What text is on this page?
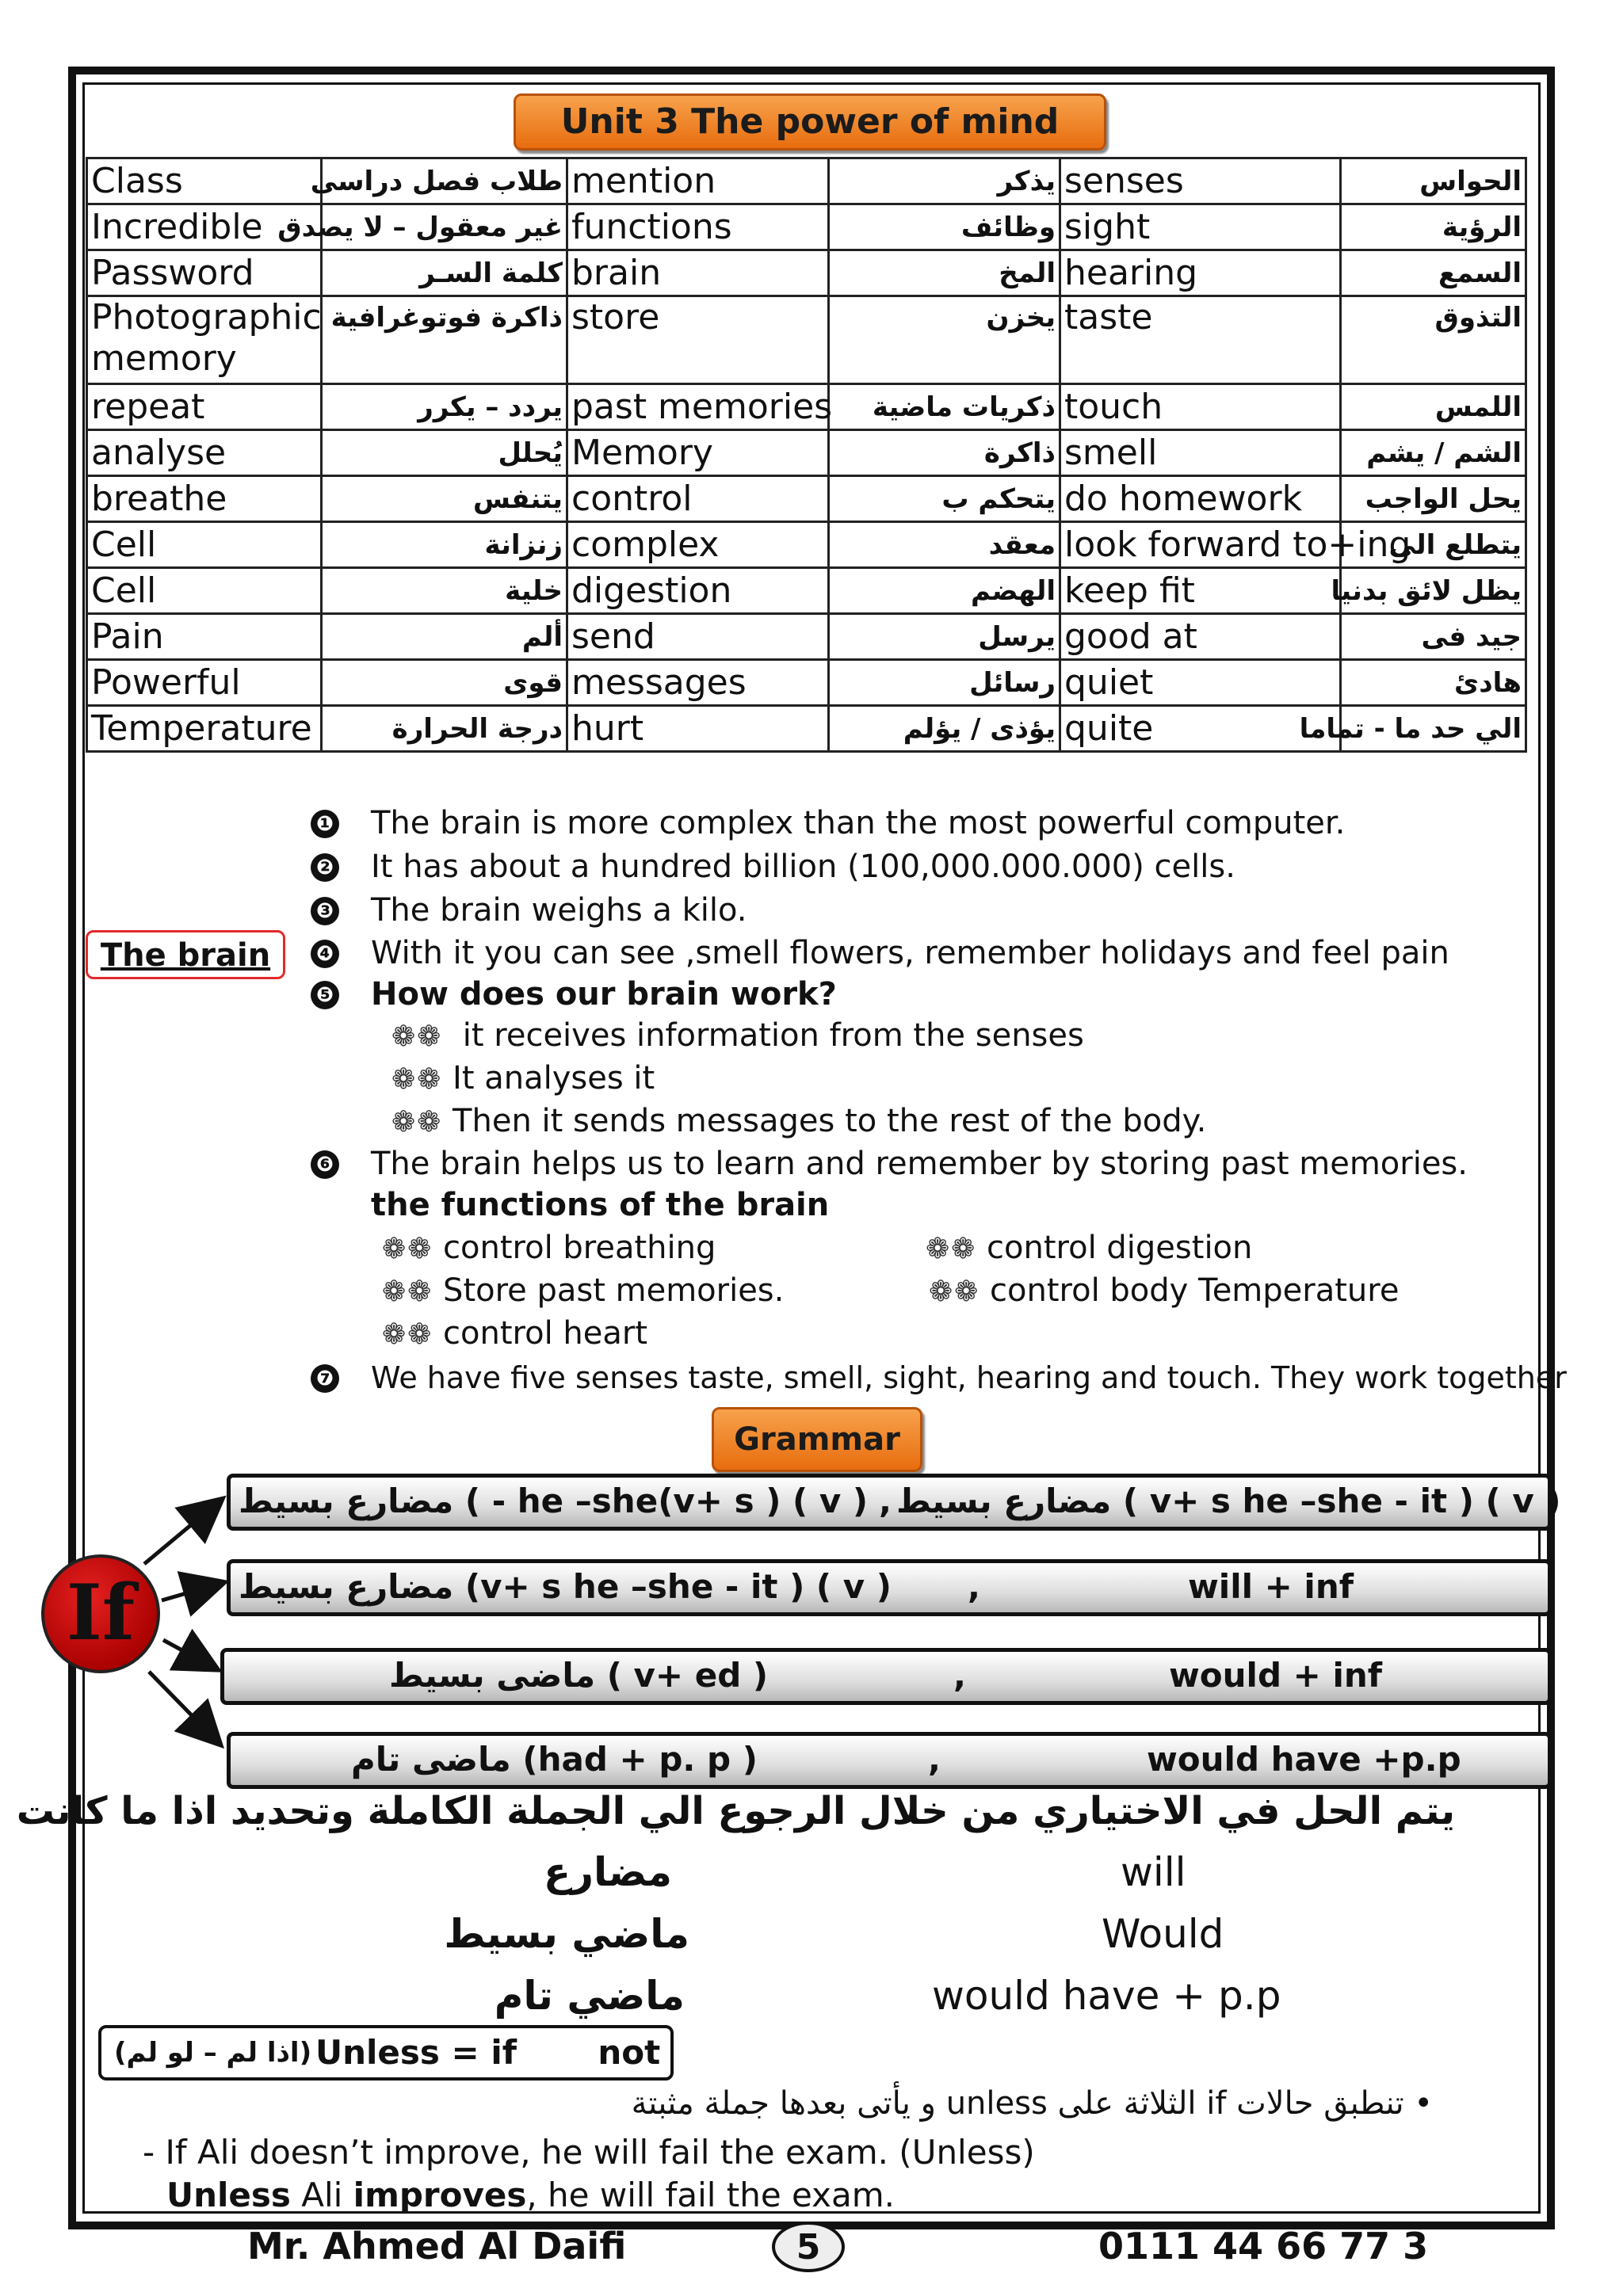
Unit 3 The power of mind
Class	طلاب فصل دراسى	mention	يذكر	senses	الحواس
Incredible	غير معقول – لا يصدق	functions	وظائف	sight	الرؤية
Password	كلمة السـر	brain	المخ	hearing	السمع
Photographic memory	ذاكرة فوتوغرافية	store	يخزن	taste	التذوق
repeat	يردد – يكرر	past memories	ذكريات ماضية	touch	اللمس
analyse	يُحلل	Memory	ذاكرة	smell	الشم / يشم
breathe	يتنفس	control	يتحكم ب	do homework	يحل الواجب
Cell	زنزانة	complex	معقد	look forward to+ing	يتطلع الى
Cell	خلية	digestion	الهضم	keep fit	يظل لائق بدنيا
Pain	ألم	send	يرسل	good at	جيد فى
Powerful	قوى	messages	رسائل	quiet	هادئ
Temperature	درجة الحرارة	hurt	يؤذى / يؤلم	quite	الي حد ما - تماما
The brain
❶ The brain is more complex than the most powerful computer.
❷ It has about a hundred billion (100,000.000.000) cells.
❸ The brain weighs a kilo.
❹ With it you can see ,smell flowers, remember holidays and feel pain
❺ How does our brain work?
❁❁ it receives information from the senses
❁❁ It analyses it
❁❁ Then it sends messages to the rest of the body.
❻ The brain helps us to learn and remember by storing past memories.
the functions of the brain
❁❁ control breathing	❁❁ control digestion
❁❁ Store past memories.	❁❁ control body Temperature
❁❁ control heart
❼ We have five senses taste, smell, sight, hearing and touch. They work together
Grammar
If
( v ) ( v+ s)he –she - ) مضارع بسيط , ( v ) ( v+ s he –she - it ) مضارع بسيط
( v ) ( v+ s he –she - it) مضارع بسيط ,	will + inf
( v+ ed ) ماضى بسيط	,	would + inf
( had + p. p) ماضى تام	,	would have +p.p
يتم الحل في الاختياري من خلال الرجوع الي الجملة الكاملة وتحديد اذا ما كانت
مضارع	will
ماضي بسيط	Would
ماضي تام	would have + p.p
(اذا لم – لو لم) Unless = if       not
• تنطبق حالات if الثلاثة على unless و يأتى بعدها جملة مثبتة
- If Ali doesn’t improve, he will fail the exam. (Unless)
Unless Ali improves, he will fail the exam.
Mr. Ahmed Al Daifi	5	0111 44 66 77 3
